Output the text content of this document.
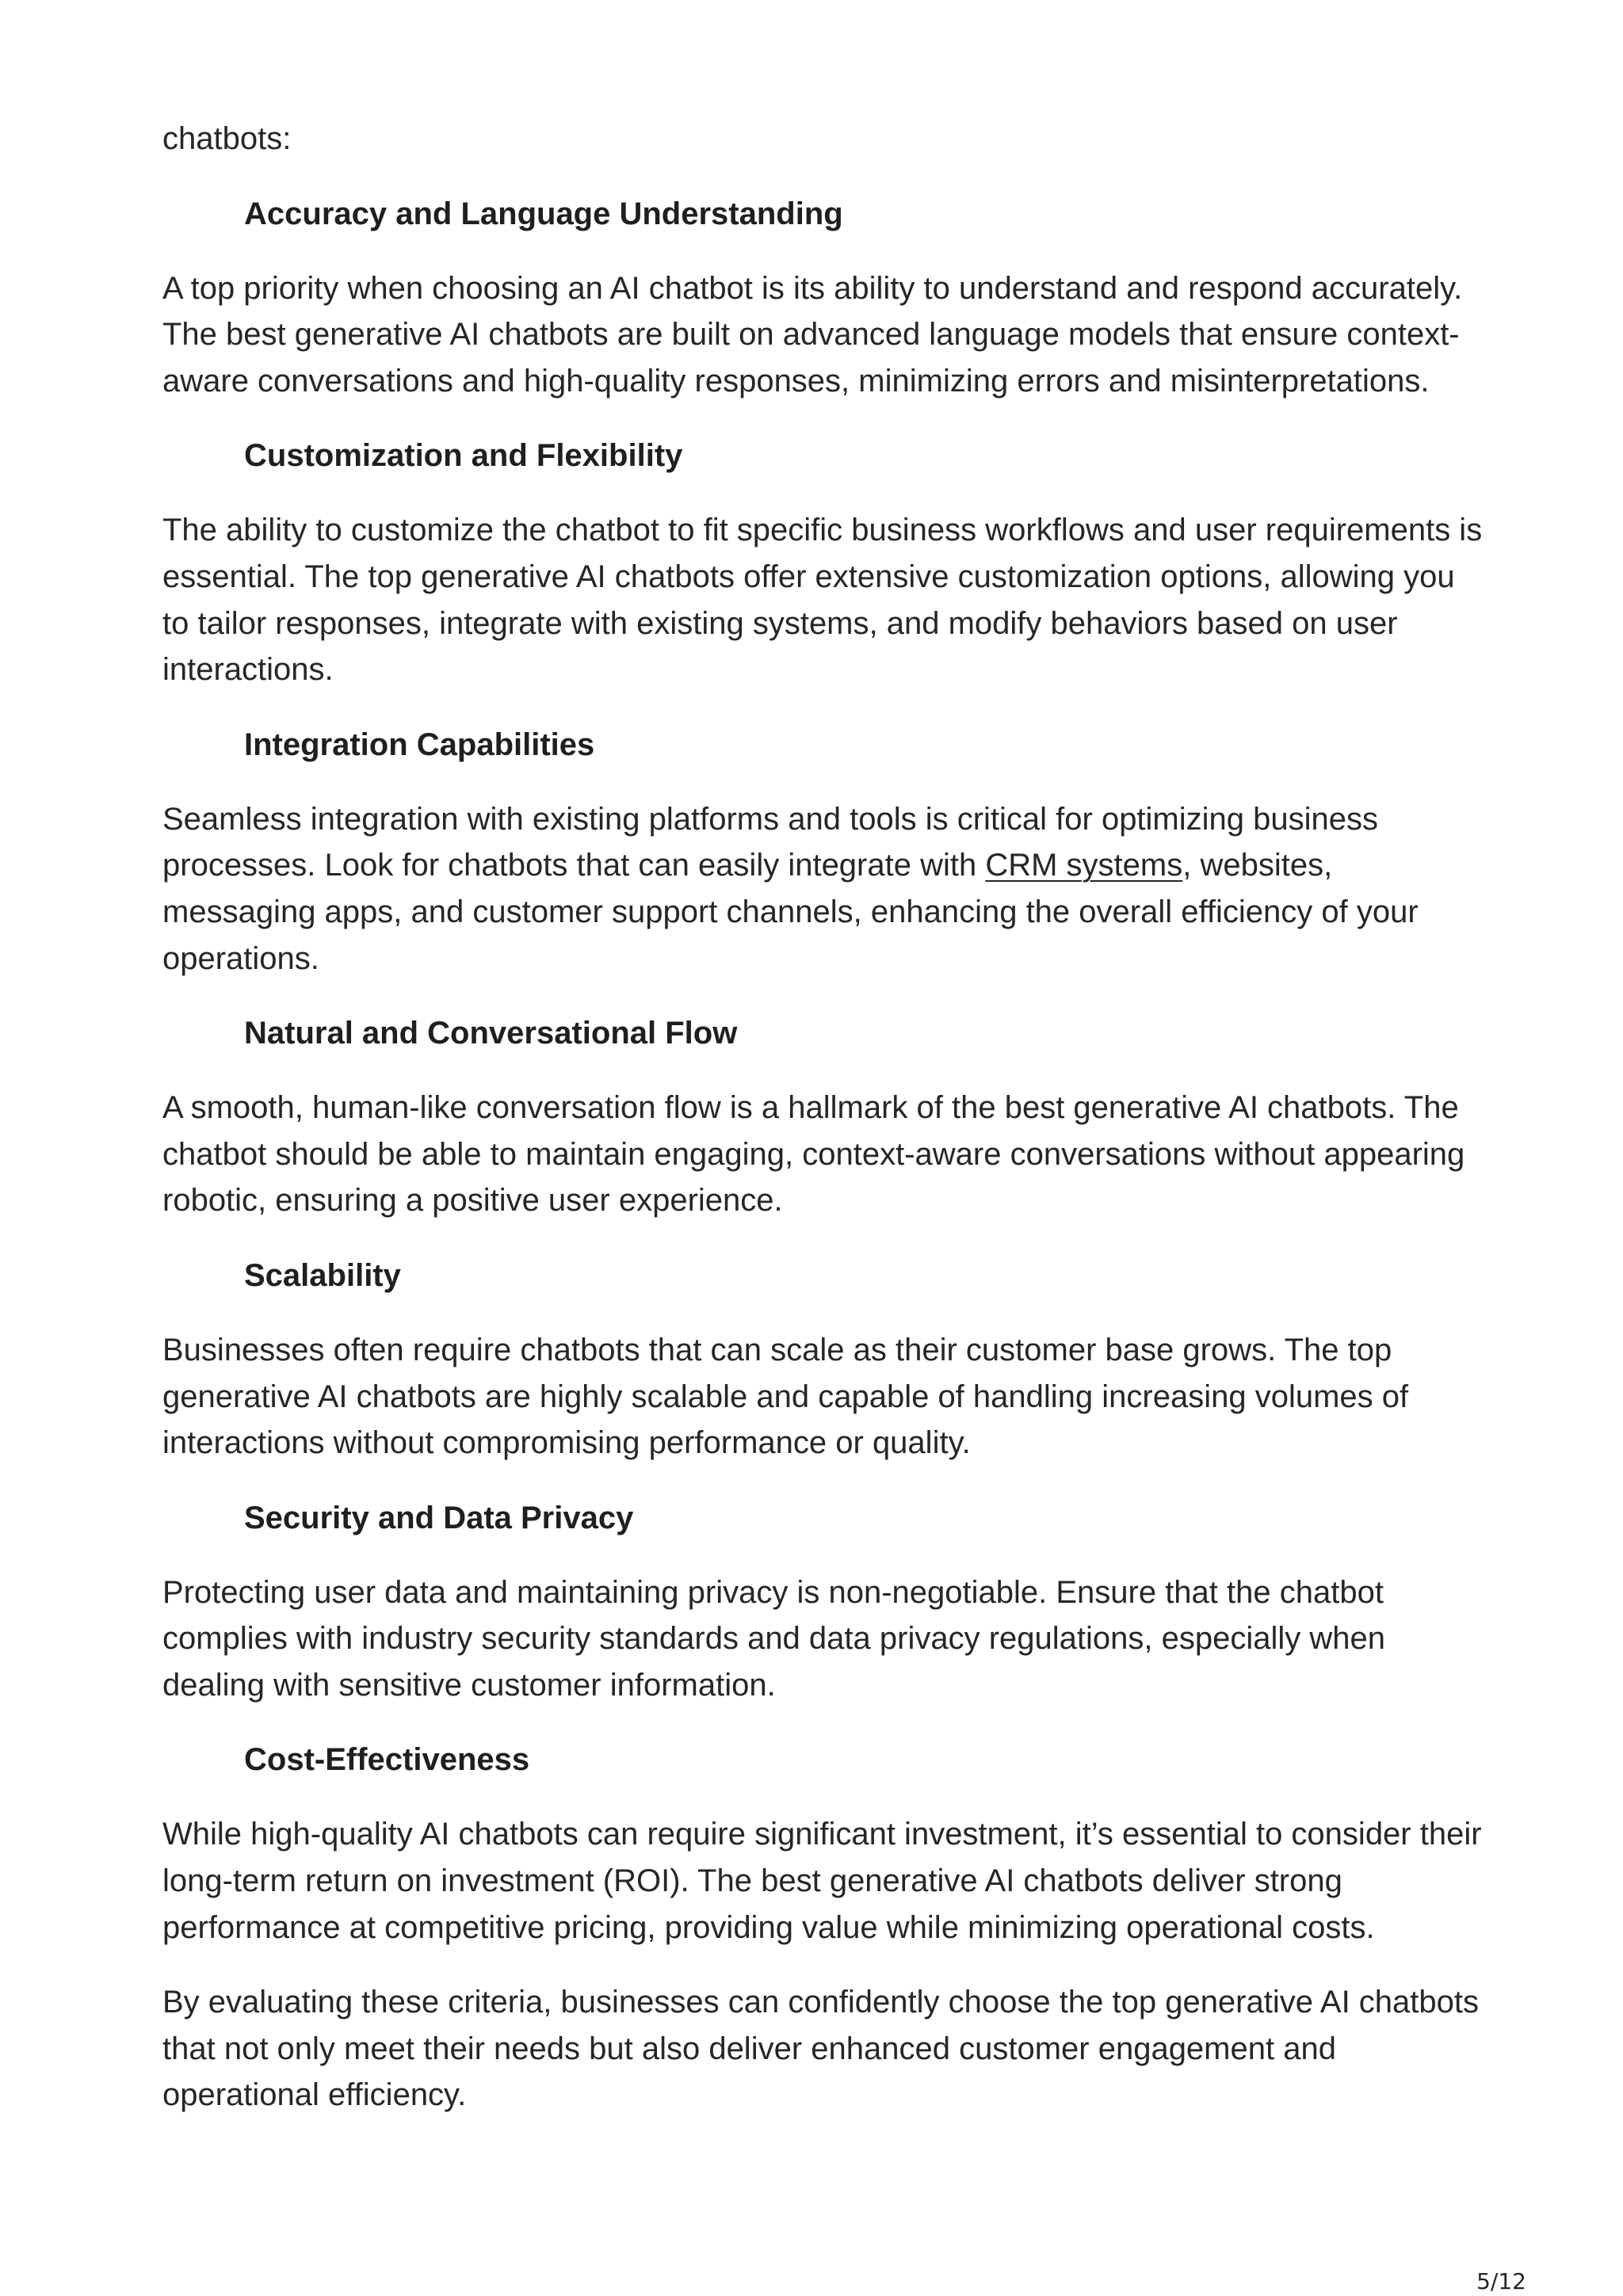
chatbots:

Accuracy and Language Understanding

A top priority when choosing an AI chatbot is its ability to understand and respond accurately. The best generative AI chatbots are built on advanced language models that ensure context-aware conversations and high-quality responses, minimizing errors and misinterpretations.

Customization and Flexibility

The ability to customize the chatbot to fit specific business workflows and user requirements is essential. The top generative AI chatbots offer extensive customization options, allowing you to tailor responses, integrate with existing systems, and modify behaviors based on user interactions.

Integration Capabilities

Seamless integration with existing platforms and tools is critical for optimizing business processes. Look for chatbots that can easily integrate with CRM systems, websites, messaging apps, and customer support channels, enhancing the overall efficiency of your operations.

Natural and Conversational Flow

A smooth, human-like conversation flow is a hallmark of the best generative AI chatbots. The chatbot should be able to maintain engaging, context-aware conversations without appearing robotic, ensuring a positive user experience.

Scalability

Businesses often require chatbots that can scale as their customer base grows. The top generative AI chatbots are highly scalable and capable of handling increasing volumes of interactions without compromising performance or quality.

Security and Data Privacy

Protecting user data and maintaining privacy is non-negotiable. Ensure that the chatbot complies with industry security standards and data privacy regulations, especially when dealing with sensitive customer information.

Cost-Effectiveness

While high-quality AI chatbots can require significant investment, it’s essential to consider their long-term return on investment (ROI). The best generative AI chatbots deliver strong performance at competitive pricing, providing value while minimizing operational costs.

By evaluating these criteria, businesses can confidently choose the top generative AI chatbots that not only meet their needs but also deliver enhanced customer engagement and operational efficiency.

5/12
